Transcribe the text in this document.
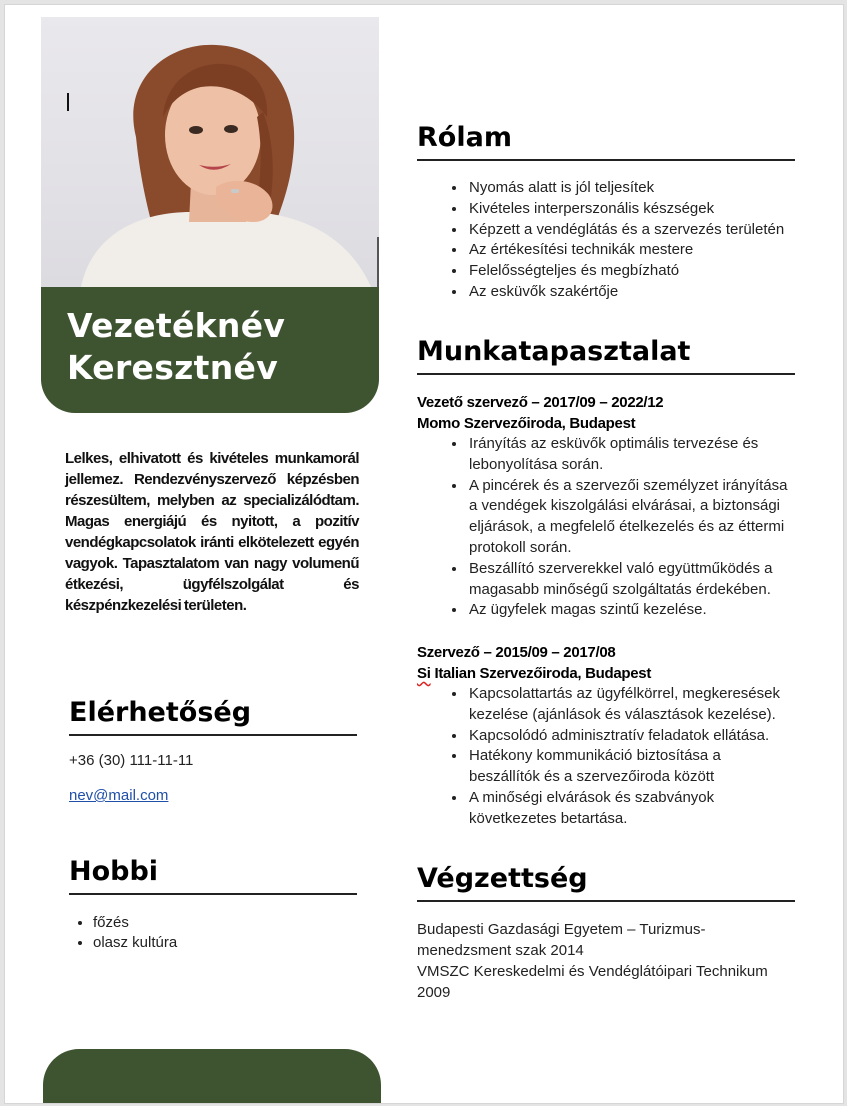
Vezetéknév
Keresztnév
Lelkes, elhivatott és kivételes munkamorál jellemez. Rendezvényszervező képzésben részesültem, melyben az specializálódtam. Magas energiájú és nyitott, a pozitív vendégkapcsolatok iránti elkötelezett egyén vagyok. Tapasztalatom van nagy volumenű étkezési, ügyfélszolgálat és készpénzkezelési területen.
Elérhetőség
+36 (30) 111-11-11
nev@mail.com
Hobbi
• főzés
• olasz kultúra
Rólam
• Nyomás alatt is jól teljesítek
• Kivételes interperszonális készségek
• Képzett a vendéglátás és a szervezés területén
• Az értékesítési technikák mestere
• Felelősségteljes és megbízható
• Az esküvők szakértője
Munkatapasztalat
Vezető szervező – 2017/09 – 2022/12
Momo Szervezőiroda, Budapest
• Irányítás az esküvők optimális tervezése és lebonyolítása során.
• A pincérek és a szervezői személyzet irányítása a vendégek kiszolgálási elvárásai, a biztonsági eljárások, a megfelelő ételkezelés és az éttermi protokoll során.
• Beszállító szerverekkel való együttműködés a magasabb minőségű szolgáltatás érdekében.
• Az ügyfelek magas szintű kezelése.
Szervező – 2015/09 – 2017/08
Si Italian Szervezőiroda, Budapest
• Kapcsolattartás az ügyfélkörrel, megkeresések kezelése (ajánlások és választások kezelése).
• Kapcsolódó adminisztratív feladatok ellátása.
• Hatékony kommunikáció biztosítása a beszállítók és a szervezőiroda között
• A minőségi elvárások és szabványok következetes betartása.
Végzettség
Budapesti Gazdasági Egyetem – Turizmus-menedzsment szak 2014
VMSZC Kereskedelmi és Vendéglátóipari Technikum 2009
